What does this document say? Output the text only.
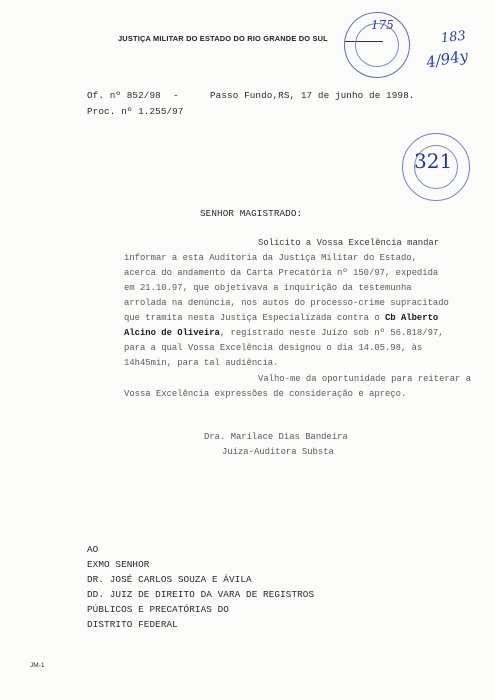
JUSTIÇA MILITAR DO ESTADO DO RIO GRANDE DO SUL
·····
175
183
4/94y
321
Of. nº 852/98 -
Proc. nº 1.255/97
Passo Fundo,RS, 17 de junho de 1998.
SENHOR MAGISTRADO:
Solicito a Vossa Excelência mandar
informar a esta Auditoria da Justiça Militar do Estado,
acerca do andamento da Carta Precatória nº 150/97, expedida
em 21.10.97, que objetivava a inquirição da testemunha
arrolada na denúncia, nos autos do processo-crime supracitado
que tramita nesta Justiça Especializada contra o Cb Alberto
Alcino de Oliveira, registrado neste Juízo sob nº 56.818/97,
para a qual Vossa Excelência designou o dia 14.05.98, às
14h45min, para tal audiência.
Valho-me da oportunidade para reiterar a
Vossa Excelência expressões de consideração e apreço.
Dra. Marilace Dias Bandeira
Juíza-Auditora Substa
AO
EXMO SENHOR
DR. JOSÉ CARLOS SOUZA E ÁVILA
DD. JUIZ DE DIREITO DA VARA DE REGISTROS
PÚBLICOS E PRECATÓRIAS DO
DISTRITO FEDERAL
JM-1
